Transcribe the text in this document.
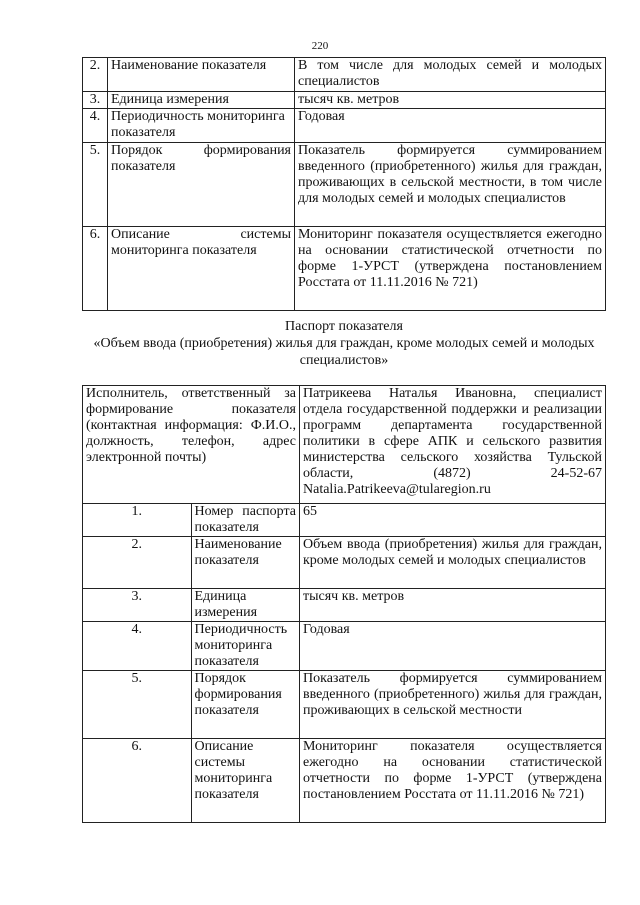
220
2.	Наименование показателя	В том числе для молодых семей и молодых специалистов
3.	Единица измерения	тысяч кв. метров
4.	Периодичность мониторинга показателя	Годовая
5.	Порядок формирования показателя	Показатель формируется суммированием введенного (приобретенного) жилья для граждан, проживающих в сельской местности, в том числе для молодых семей и молодых специалистов
6.	Описание системы мониторинга показателя	Мониторинг показателя осуществляется ежегодно на основании статистической отчетности по форме 1-УРСТ (утверждена постановлением Росстата от 11.11.2016 № 721)
Паспорт показателя
«Объем ввода (приобретения) жилья для граждан, кроме молодых семей и молодых специалистов»
Исполнитель, ответственный за формирование показателя (контактная информация: Ф.И.О., должность, телефон, адрес электронной почты)		Патрикеева Наталья Ивановна, специалист отдела государственной поддержки и реализации программ департамента государственной политики в сфере АПК и сельского развития министерства сельского хозяйства Тульской области, (4872) 24-52-67 Natalia.Patrikeeva@tularegion.ru
1.	Номер паспорта показателя	65
2.	Наименование показателя	Объем ввода (приобретения) жилья для граждан, кроме молодых семей и молодых специалистов
3.	Единица измерения	тысяч кв. метров
4.	Периодичность мониторинга показателя	Годовая
5.	Порядок формирования показателя	Показатель формируется суммированием введенного (приобретенного) жилья для граждан, проживающих в сельской местности
6.	Описание системы мониторинга показателя	Мониторинг показателя осуществляется ежегодно на основании статистической отчетности по форме 1-УРСТ (утверждена постановлением Росстата от 11.11.2016 № 721)
